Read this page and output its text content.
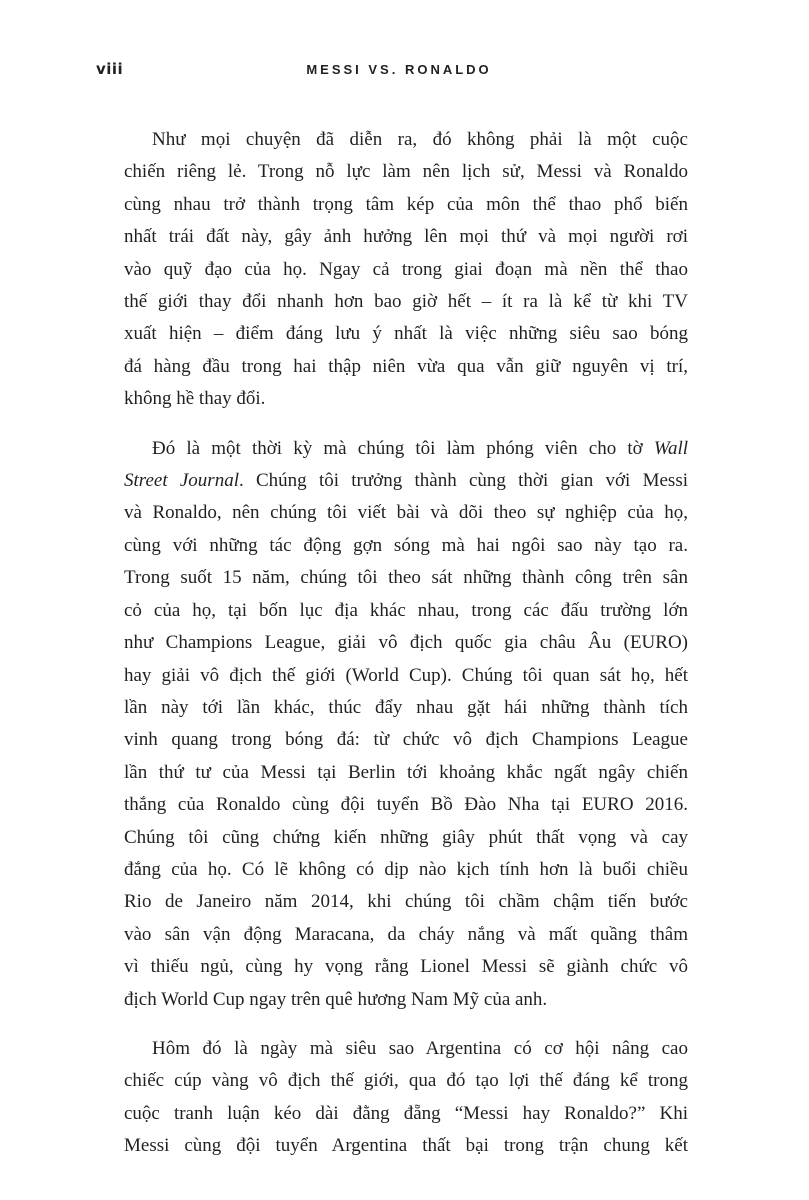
viii	MESSI VS. RONALDO

Như mọi chuyện đã diễn ra, đó không phải là một cuộc
chiến riêng lẻ. Trong nỗ lực làm nên lịch sử, Messi và Ronaldo
cùng nhau trở thành trọng tâm kép của môn thể thao phổ biến
nhất trái đất này, gây ảnh hưởng lên mọi thứ và mọi người rơi
vào quỹ đạo của họ. Ngay cả trong giai đoạn mà nền thể thao
thế giới thay đổi nhanh hơn bao giờ hết – ít ra là kể từ khi TV
xuất hiện – điểm đáng lưu ý nhất là việc những siêu sao bóng
đá hàng đầu trong hai thập niên vừa qua vẫn giữ nguyên vị trí,
không hề thay đổi.

Đó là một thời kỳ mà chúng tôi làm phóng viên cho tờ Wall
Street Journal. Chúng tôi trưởng thành cùng thời gian với Messi
và Ronaldo, nên chúng tôi viết bài và dõi theo sự nghiệp của họ,
cùng với những tác động gợn sóng mà hai ngôi sao này tạo ra.
Trong suốt 15 năm, chúng tôi theo sát những thành công trên sân
cỏ của họ, tại bốn lục địa khác nhau, trong các đấu trường lớn
như Champions League, giải vô địch quốc gia châu Âu (EURO)
hay giải vô địch thế giới (World Cup). Chúng tôi quan sát họ, hết
lần này tới lần khác, thúc đẩy nhau gặt hái những thành tích
vinh quang trong bóng đá: từ chức vô địch Champions League
lần thứ tư của Messi tại Berlin tới khoảng khắc ngất ngây chiến
thắng của Ronaldo cùng đội tuyển Bồ Đào Nha tại EURO 2016.
Chúng tôi cũng chứng kiến những giây phút thất vọng và cay
đắng của họ. Có lẽ không có dịp nào kịch tính hơn là buổi chiều
Rio de Janeiro năm 2014, khi chúng tôi chầm chậm tiến bước
vào sân vận động Maracana, da cháy nắng và mất quầng thâm
vì thiếu ngủ, cùng hy vọng rằng Lionel Messi sẽ giành chức vô
địch World Cup ngay trên quê hương Nam Mỹ của anh.

Hôm đó là ngày mà siêu sao Argentina có cơ hội nâng cao
chiếc cúp vàng vô địch thế giới, qua đó tạo lợi thế đáng kể trong
cuộc tranh luận kéo dài đằng đẵng “Messi hay Ronaldo?” Khi
Messi cùng đội tuyển Argentina thất bại trong trận chung kết
